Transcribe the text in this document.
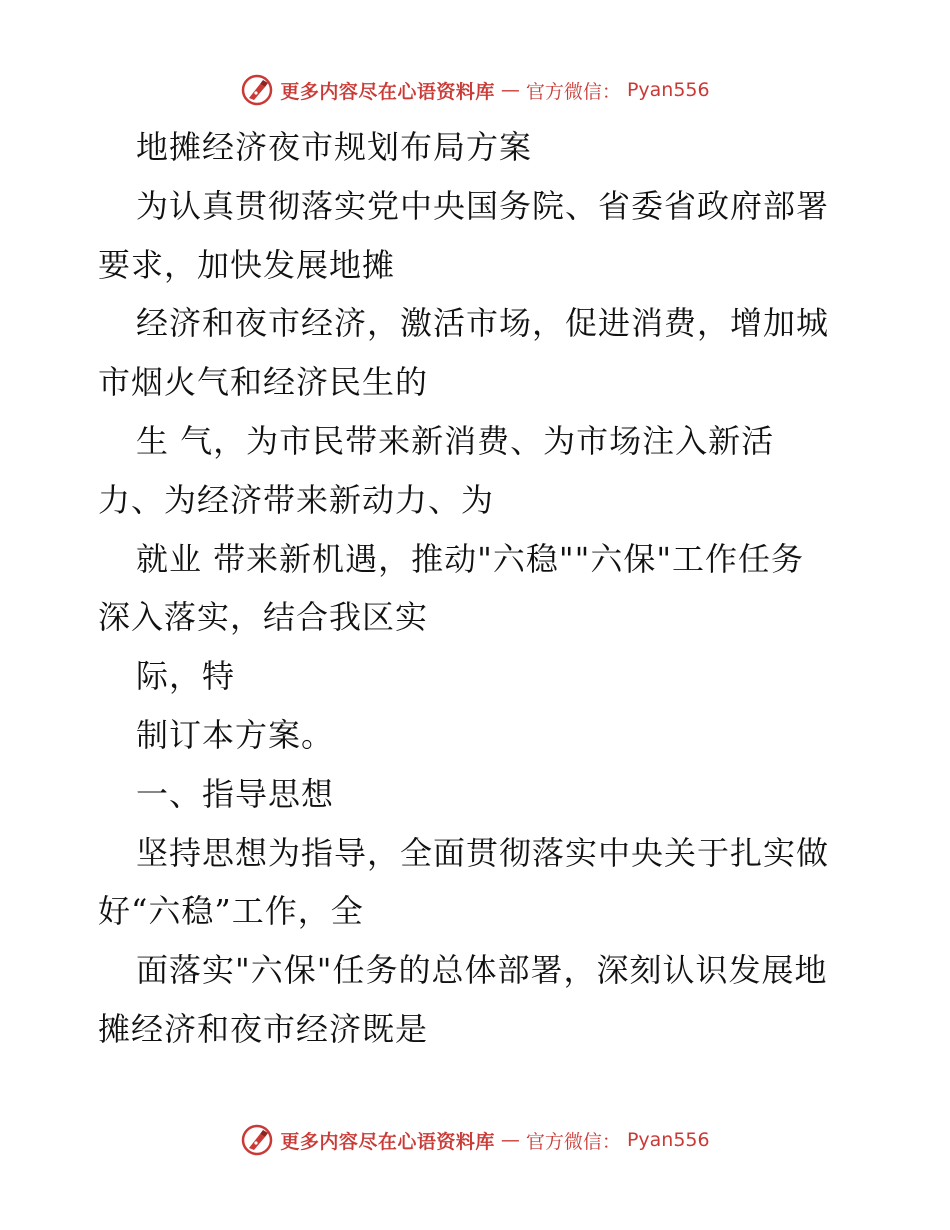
更多内容尽在心语资料库 — 官方微信： Pyan556
地摊经济夜市规划布局方案
为认真贯彻落实党中央国务院、省委省政府部署
要求，加快发展地摊
经济和夜市经济，激活市场，促进消费，增加城
市烟火气和经济民生的
生 气，为市民带来新消费、为市场注入新活
力、为经济带来新动力、为
就业 带来新机遇，推动"六稳""六保"工作任务
深入落实，结合我区实
际，特
制订本方案。
一、指导思想
坚持思想为指导，全面贯彻落实中央关于扎实做
好“六稳”工作，全
面落实"六保"任务的总体部署，深刻认识发展地
摊经济和夜市经济既是
更多内容尽在心语资料库 — 官方微信： Pyan556
